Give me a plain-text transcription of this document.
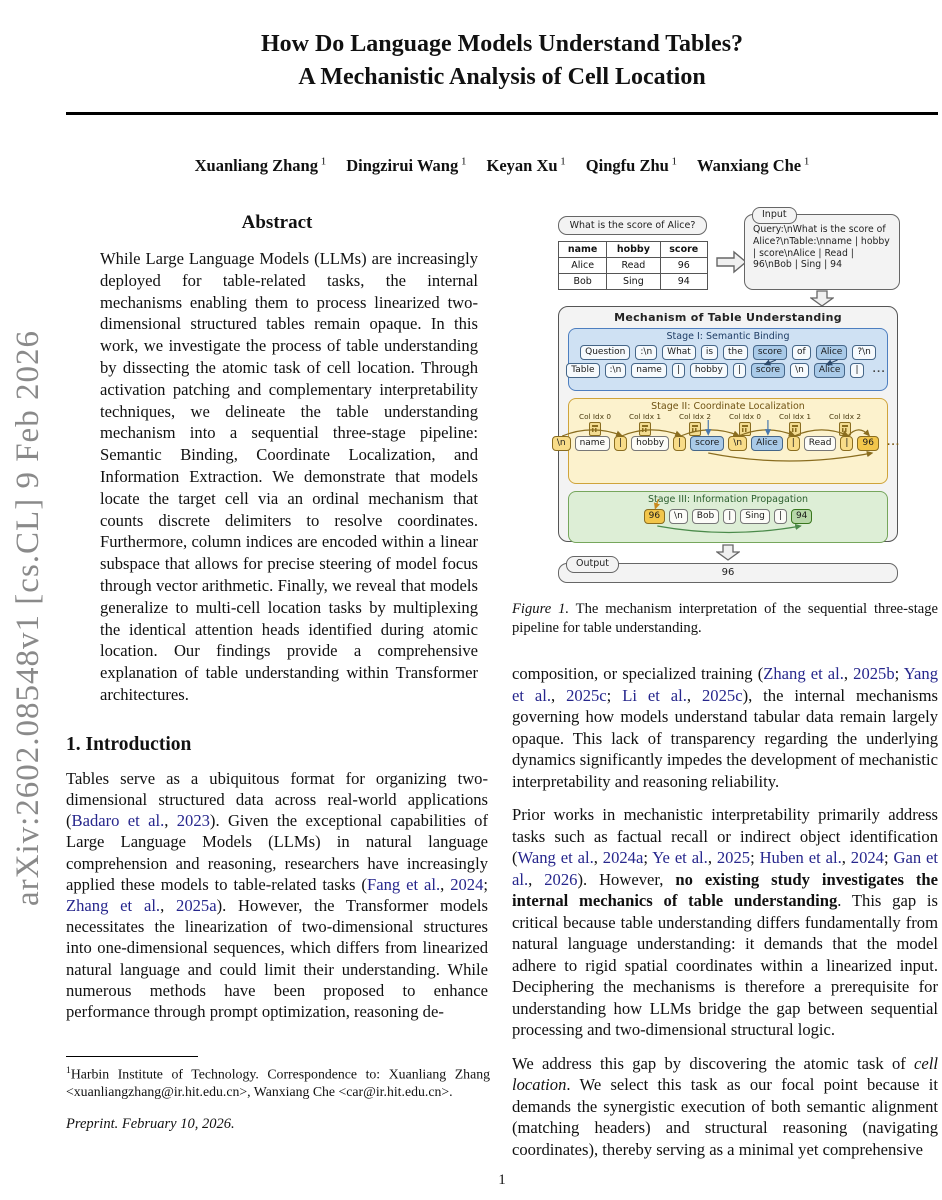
arXiv:2602.08548v1 [cs.CL] 9 Feb 2026
How Do Language Models Understand Tables?
A Mechanistic Analysis of Cell Location
Xuanliang Zhang $^1$ Dingzirui Wang $^1$ Keyan Xu $^1$ Qingfu Zhu $^1$ Wanxiang Che $^1$
Abstract

While Large Language Models (LLMs) are increasingly deployed for table-related tasks, the internal mechanisms enabling them to process linearized two-dimensional structured tables remain opaque. In this work, we investigate the process of table understanding by dissecting the atomic task of cell location. Through activation patching and complementary interpretability techniques, we delineate the table understanding mechanism into a sequential three-stage pipeline: Semantic Binding, Coordinate Localization, and Information Extraction. We demonstrate that models locate the target cell via an ordinal mechanism that counts discrete delimiters to resolve coordinates. Furthermore, column indices are encoded within a linear subspace that allows for precise steering of model focus through vector arithmetic. Finally, we reveal that models generalize to multi-cell location tasks by multiplexing the identical attention heads identified during atomic location. Our findings provide a comprehensive explanation of table understanding within Transformer architectures.

1. Introduction

Tables serve as a ubiquitous format for organizing two-dimensional structured data across real-world applications (Badaro et al., 2023). Given the exceptional capabilities of Large Language Models (LLMs) in natural language comprehension and reasoning, researchers have increasingly applied these models to table-related tasks (Fang et al., 2024; Zhang et al., 2025a). However, the Transformer models necessitates the linearization of two-dimensional structures into one-dimensional sequences, which differs from linearized natural language and could limit their understanding. While numerous methods have been proposed to enhance performance through prompt optimization, reasoning de-

$^1$Harbin Institute of Technology. Correspondence to: Xuanliang Zhang <xuanliangzhang@ir.hit.edu.cn>, Wanxiang Che <car@ir.hit.edu.cn>.

Preprint. February 10, 2026.

What is the score of Alice?
name	hobby	score
Alice	Read	96
Bob	Sing	94
Input
Query:\nWhat is the score of Alice?\nTable:\nname | hobby | score\nAlice | Read | 96\nBob | Sing | 94
Mechanism of Table Understanding
Stage I: Semantic Binding
Question	:\n	What	is	the	score	of	Alice	?\n
Table	:\n	name	|	hobby	|	score	\n	Alice	|	...
Stage II: Coordinate Localization
Col Idx 0 Col Idx 1 Col Idx 2 Col Idx 0 Col Idx 1 Col Idx 2
\n	name	|	hobby	|	score	\n	Alice	|	Read	|	96	...
Stage III: Information Propagation
96	\n	Bob	|	Sing	|	94
Output
96

Figure 1. The mechanism interpretation of the sequential three-stage pipeline for table understanding.

composition, or specialized training (Zhang et al., 2025b; Yang et al., 2025c; Li et al., 2025c), the internal mechanisms governing how models understand tabular data remain largely opaque. This lack of transparency regarding the underlying dynamics significantly impedes the development of mechanistic interpretability and reasoning reliability.

Prior works in mechanistic interpretability primarily address tasks such as factual recall or indirect object identification (Wang et al., 2024a; Ye et al., 2025; Huben et al., 2024; Gan et al., 2026). However, no existing study investigates the internal mechanics of table understanding. This gap is critical because table understanding differs fundamentally from natural language understanding: it demands that the model adhere to rigid spatial coordinates within a linearized input. Deciphering the mechanisms is therefore a prerequisite for understanding how LLMs bridge the gap between sequential processing and two-dimensional structural logic.

We address this gap by discovering the atomic task of cell location. We select this task as our focal point because it demands the synergistic execution of both semantic alignment (matching headers) and structural reasoning (navigating coordinates), thereby serving as a minimal yet comprehensive

1
